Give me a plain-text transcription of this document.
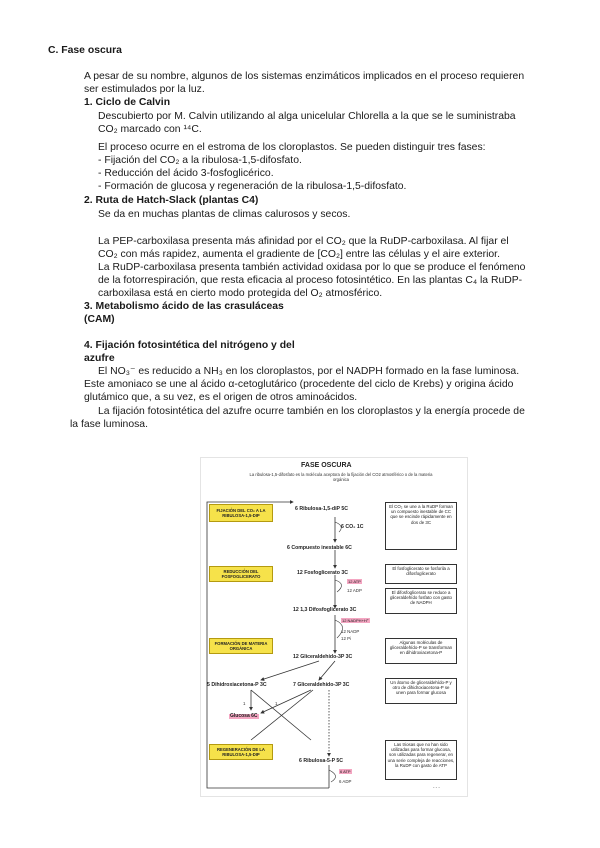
C. Fase oscura
A pesar de su nombre, algunos de los sistemas enzimáticos implicados en el proceso requieren
ser estimulados por la luz.
1. Ciclo de Calvin
Descubierto por M. Calvin utilizando al alga unicelular Chlorella a la que se le suministraba
CO₂ marcado con ¹⁴C.
El proceso ocurre en el estroma de los cloroplastos. Se pueden distinguir tres fases:
- Fijación del CO₂ a la ribulosa-1,5-difosfato.
- Reducción del ácido 3-fosfoglicérico.
- Formación de glucosa y regeneración de la ribulosa-1,5-difosfato.
2. Ruta de Hatch-Slack (plantas C4)
Se da en muchas plantas de climas calurosos y secos.
La PEP-carboxilasa presenta más afinidad por el CO₂ que la RuDP-carboxilasa. Al fijar el
CO₂ con más rapidez, aumenta el gradiente de [CO₂] entre las células y el aire exterior.
La RuDP-carboxilasa presenta también actividad oxidasa por lo que se produce el fenómeno
de la fotorrespiración, que resta eficacia al proceso fotosintético. En las plantas C₄ la RuDP-
carboxilasa está en cierto modo protegida del O₂ atmosférico.
3. Metabolismo ácido de las crasuláceas
(CAM)
4. Fijación fotosintética del nitrógeno y del
azufre
El NO₃⁻ es reducido a NH₃ en los cloroplastos, por el NADPH formado en la fase luminosa.
Este amoniaco se une al ácido α-cetoglutárico (procedente del ciclo de Krebs) y origina ácido
glutámico que, a su vez, es el origen de otros aminoácidos.
La fijación fotosintética del azufre ocurre también en los cloroplastos y la energía procede de
la fase luminosa.
FASE OSCURA
La ribulosa-1,5-difosfato es la molécula aceptora de la fijación del CO2 atmosférico o de la materia orgánica
FIJACIÓN DEL CO₂ A LA RIBULOSA-1,5-DIP
REDUCCIÓN DEL FOSFOGLICERATO
FORMACIÓN DE MATERIA ORGÁNICA
REGENERACIÓN DE LA RIBULOSA-1,5-DIP
6 Ribulosa-1,5-diP 5C
6 CO₂ 1C
6 Compuesto inestable 6C
12 Fosfoglicerato 3C
12 ATP
12 ADP
12 1,3 Difosfoglicerato 3C
12 NADPH+H⁺
12 NADP
12 Pi
12 Gliceraldehído-3P 3C
5 Dihidroxiacetona-P 3C	7 Gliceraldehído-3P 3C
Glucosa 6C
1	1
6 Ribulosa-5-P 5C
6 ATP
6 ADP
El CO₂ se une a la RuDP forman un compuesto inestable de CC que se escinde rápidamente en dos de 3C
El fosfoglicerato se fosforila a difosfoglicerato
El difosfoglicerato se reduce a gliceraldehído fosfato con gasto de NADPH
Algunas moléculas de gliceraldehído-P se transforman en dihidroxiacetona-P
Un átomo de gliceraldehído-P y otro de dihidroxiacetona-P se unen para formar glucosa
Las triosas que no han sido utilizadas para formar glucosa, son utilizadas para regenerar, en una serie compleja de reacciones, la RuDP con gasto de ATP
- - -
